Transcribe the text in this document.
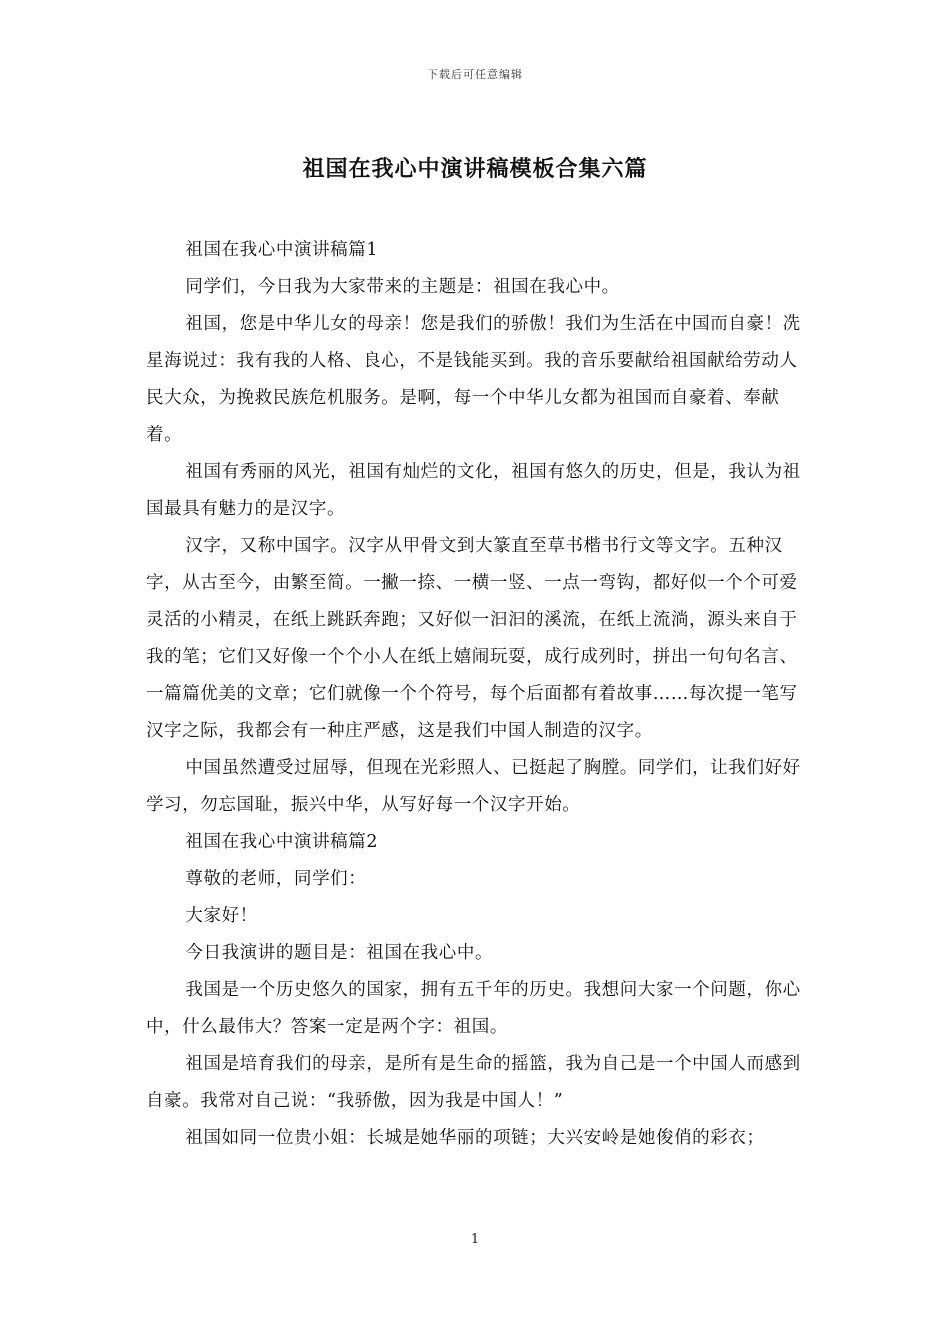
下载后可任意编辑
祖国在我心中演讲稿模板合集六篇

祖国在我心中演讲稿篇1

同学们，今日我为大家带来的主题是：祖国在我心中。

祖国，您是中华儿女的母亲！您是我们的骄傲！我们为生活在中国而自豪！冼星海说过：我有我的人格、良心，不是钱能买到。我的音乐要献给祖国献给劳动人民大众，为挽救民族危机服务。是啊，每一个中华儿女都为祖国而自豪着、奉献着。

祖国有秀丽的风光，祖国有灿烂的文化，祖国有悠久的历史，但是，我认为祖国最具有魅力的是汉字。

汉字，又称中国字。汉字从甲骨文到大篆直至草书楷书行文等文字。五种汉字，从古至今，由繁至简。一撇一捺、一横一竖、一点一弯钩，都好似一个个可爱灵活的小精灵，在纸上跳跃奔跑；又好似一汩汩的溪流，在纸上流淌，源头来自于我的笔；它们又好像一个个小人在纸上嬉闹玩耍，成行成列时，拼出一句句名言、一篇篇优美的文章；它们就像一个个符号，每个后面都有着故事……每次提一笔写汉字之际，我都会有一种庄严感，这是我们中国人制造的汉字。

中国虽然遭受过屈辱，但现在光彩照人、已挺起了胸膛。同学们，让我们好好学习，勿忘国耻，振兴中华，从写好每一个汉字开始。

祖国在我心中演讲稿篇2

尊敬的老师，同学们：

大家好！

今日我演讲的题目是：祖国在我心中。

我国是一个历史悠久的国家，拥有五千年的历史。我想问大家一个问题，你心中，什么最伟大？答案一定是两个字：祖国。

祖国是培育我们的母亲，是所有是生命的摇篮，我为自己是一个中国人而感到自豪。我常对自己说：“我骄傲，因为我是中国人！”

祖国如同一位贵小姐：长城是她华丽的项链；大兴安岭是她俊俏的彩衣；

1
